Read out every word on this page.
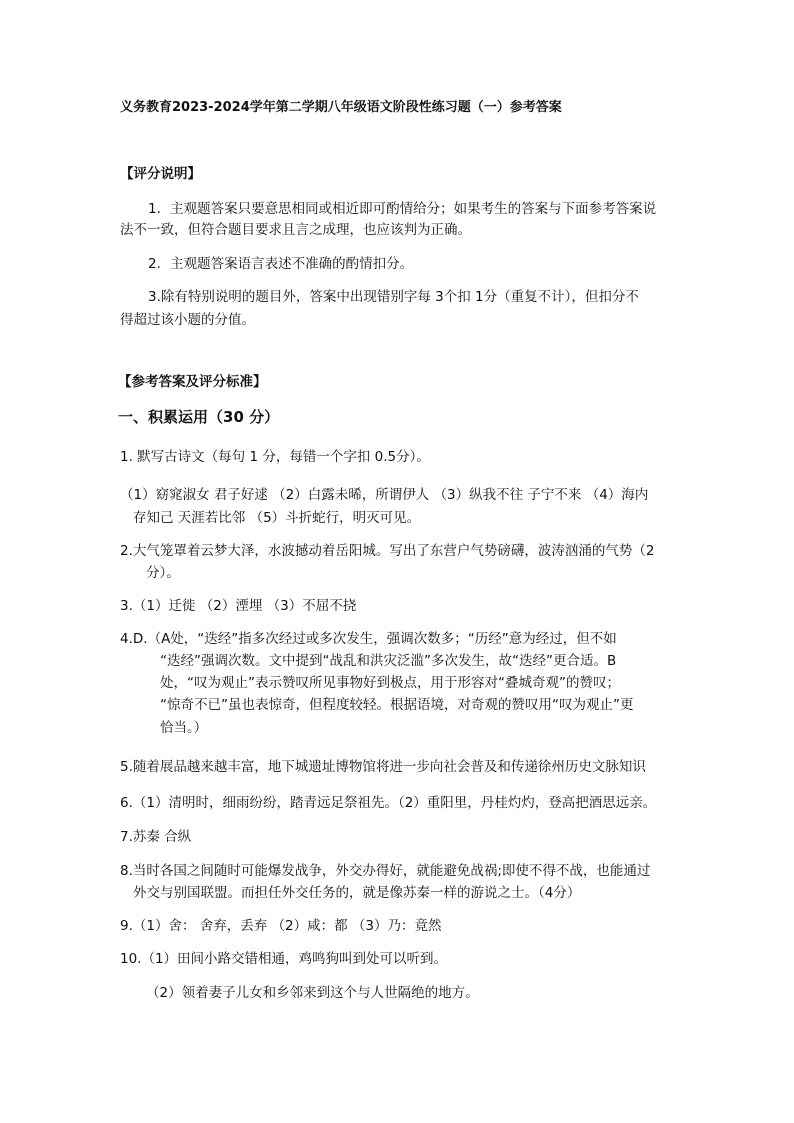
义务教育2023-2024学年第二学期八年级语文阶段性练习题（一）参考答案
【评分说明】
1．主观题答案只要意思相同或相近即可酌情给分；如果考生的答案与下面参考答案说
法不一致，但符合题目要求且言之成理，也应该判为正确。
2．主观题答案语言表述不准确的酌情扣分。
3.除有特别说明的题目外，答案中出现错别字每 3个扣 1分（重复不计），但扣分不
得超过该小题的分值。
【参考答案及评分标准】
一、积累运用（30 分）
1. 默写古诗文（每句 1 分，每错一个字扣 0.5分）。
（1）窈窕淑女 君子好逑 （2）白露未晞，所谓伊人 （3）纵我不往 子宁不来 （4）海内
存知己 天涯若比邻 （5）斗折蛇行，明灭可见。
2.大气笼罩着云梦大泽，水波撼动着岳阳城。写出了东营户气势磅礴，波涛汹涌的气势（2
分）。
3.（1）迁徙 （2）湮埋 （3）不屈不挠
4.D.（A处，“迭经”指多次经过或多次发生，强调次数多；“历经”意为经过，但不如
“迭经”强调次数。文中提到“战乱和洪灾泛滥”多次发生，故“迭经”更合适。B
处，“叹为观止”表示赞叹所见事物好到极点，用于形容对“叠城奇观”的赞叹；
“惊奇不已”虽也表惊奇，但程度较轻。根据语境，对奇观的赞叹用“叹为观止”更
恰当。）
5.随着展品越来越丰富，地下城遗址博物馆将进一步向社会普及和传递徐州历史文脉知识
6.（1）清明时，细雨纷纷，踏青远足祭祖先。（2）重阳里，丹桂灼灼，登高把酒思远亲。
7.苏秦 合纵
8.当时各国之间随时可能爆发战争，外交办得好，就能避免战祸;即使不得不战，也能通过
外交与别国联盟。而担任外交任务的，就是像苏秦一样的游说之士。（4分）
9.（1）舍： 舍弃，丢弃 （2）咸：都 （3）乃：竟然
10.（1）田间小路交错相通，鸡鸣狗叫到处可以听到。
（2）领着妻子儿女和乡邻来到这个与人世隔绝的地方。
